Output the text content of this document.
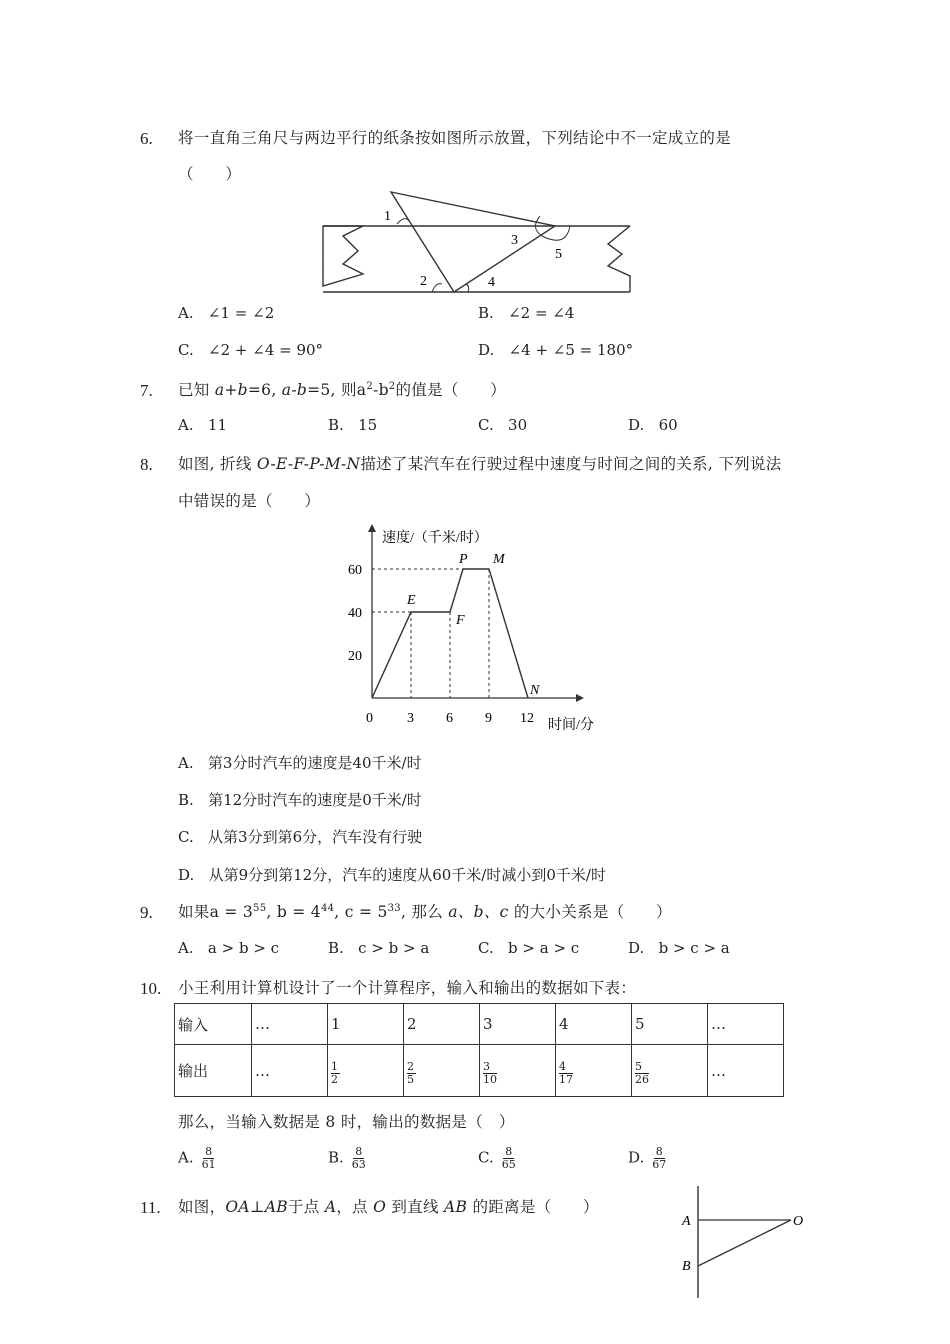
6. 将一直角三角尺与两边平行的纸条按如图所示放置，下列结论中不一定成立的是
（　　）
1
2
3
4
5
A. ∠1 = ∠2	B. ∠2 = ∠4
C. ∠2 + ∠4 = 90°	D. ∠4 + ∠5 = 180°
7. 已知 a+b=6, a-b=5, 则$a^2-b^2$的值是（　　）
A. 11	B. 15	C. 30	D. 60
8. 如图, 折线 O-E-F-P-M-N描述了某汽车在行驶过程中速度与时间之间的关系, 下列说法
中错误的是（　　）
速度/（千米/时）
时间/分
0
20
40
60
3 6 9 12
E
F
P M
N
A. 第3分时汽车的速度是40千米/时
B. 第12分时汽车的速度是0千米/时
C. 从第3分到第6分，汽车没有行驶
D. 从第9分到第12分，汽车的速度从60千米/时减小到0千米/时
9. 如果$a = 3^{55}$, $b = 4^{44}$, $c = 5^{33}$, 那么 a、b、c 的大小关系是（　　）
A. a > b > c	B. c > b > a	C. b > a > c	D. b > c > a
10. 小王利用计算机设计了一个计算程序，输入和输出的数据如下表：
输入	…	1	2	3	4	5	…
输出	…	$\frac{1}{2}$	$\frac{2}{5}$	$\frac{3}{10}$	$\frac{4}{17}$	$\frac{5}{26}$	…
那么，当输入数据是 8 时，输出的数据是（　）
A. $\frac{8}{61}$	B. $\frac{8}{63}$	C. $\frac{8}{65}$	D. $\frac{8}{67}$
11. 如图，OA⊥AB于点 A，点 O 到直线 AB 的距离是（　　）
A
B
O
